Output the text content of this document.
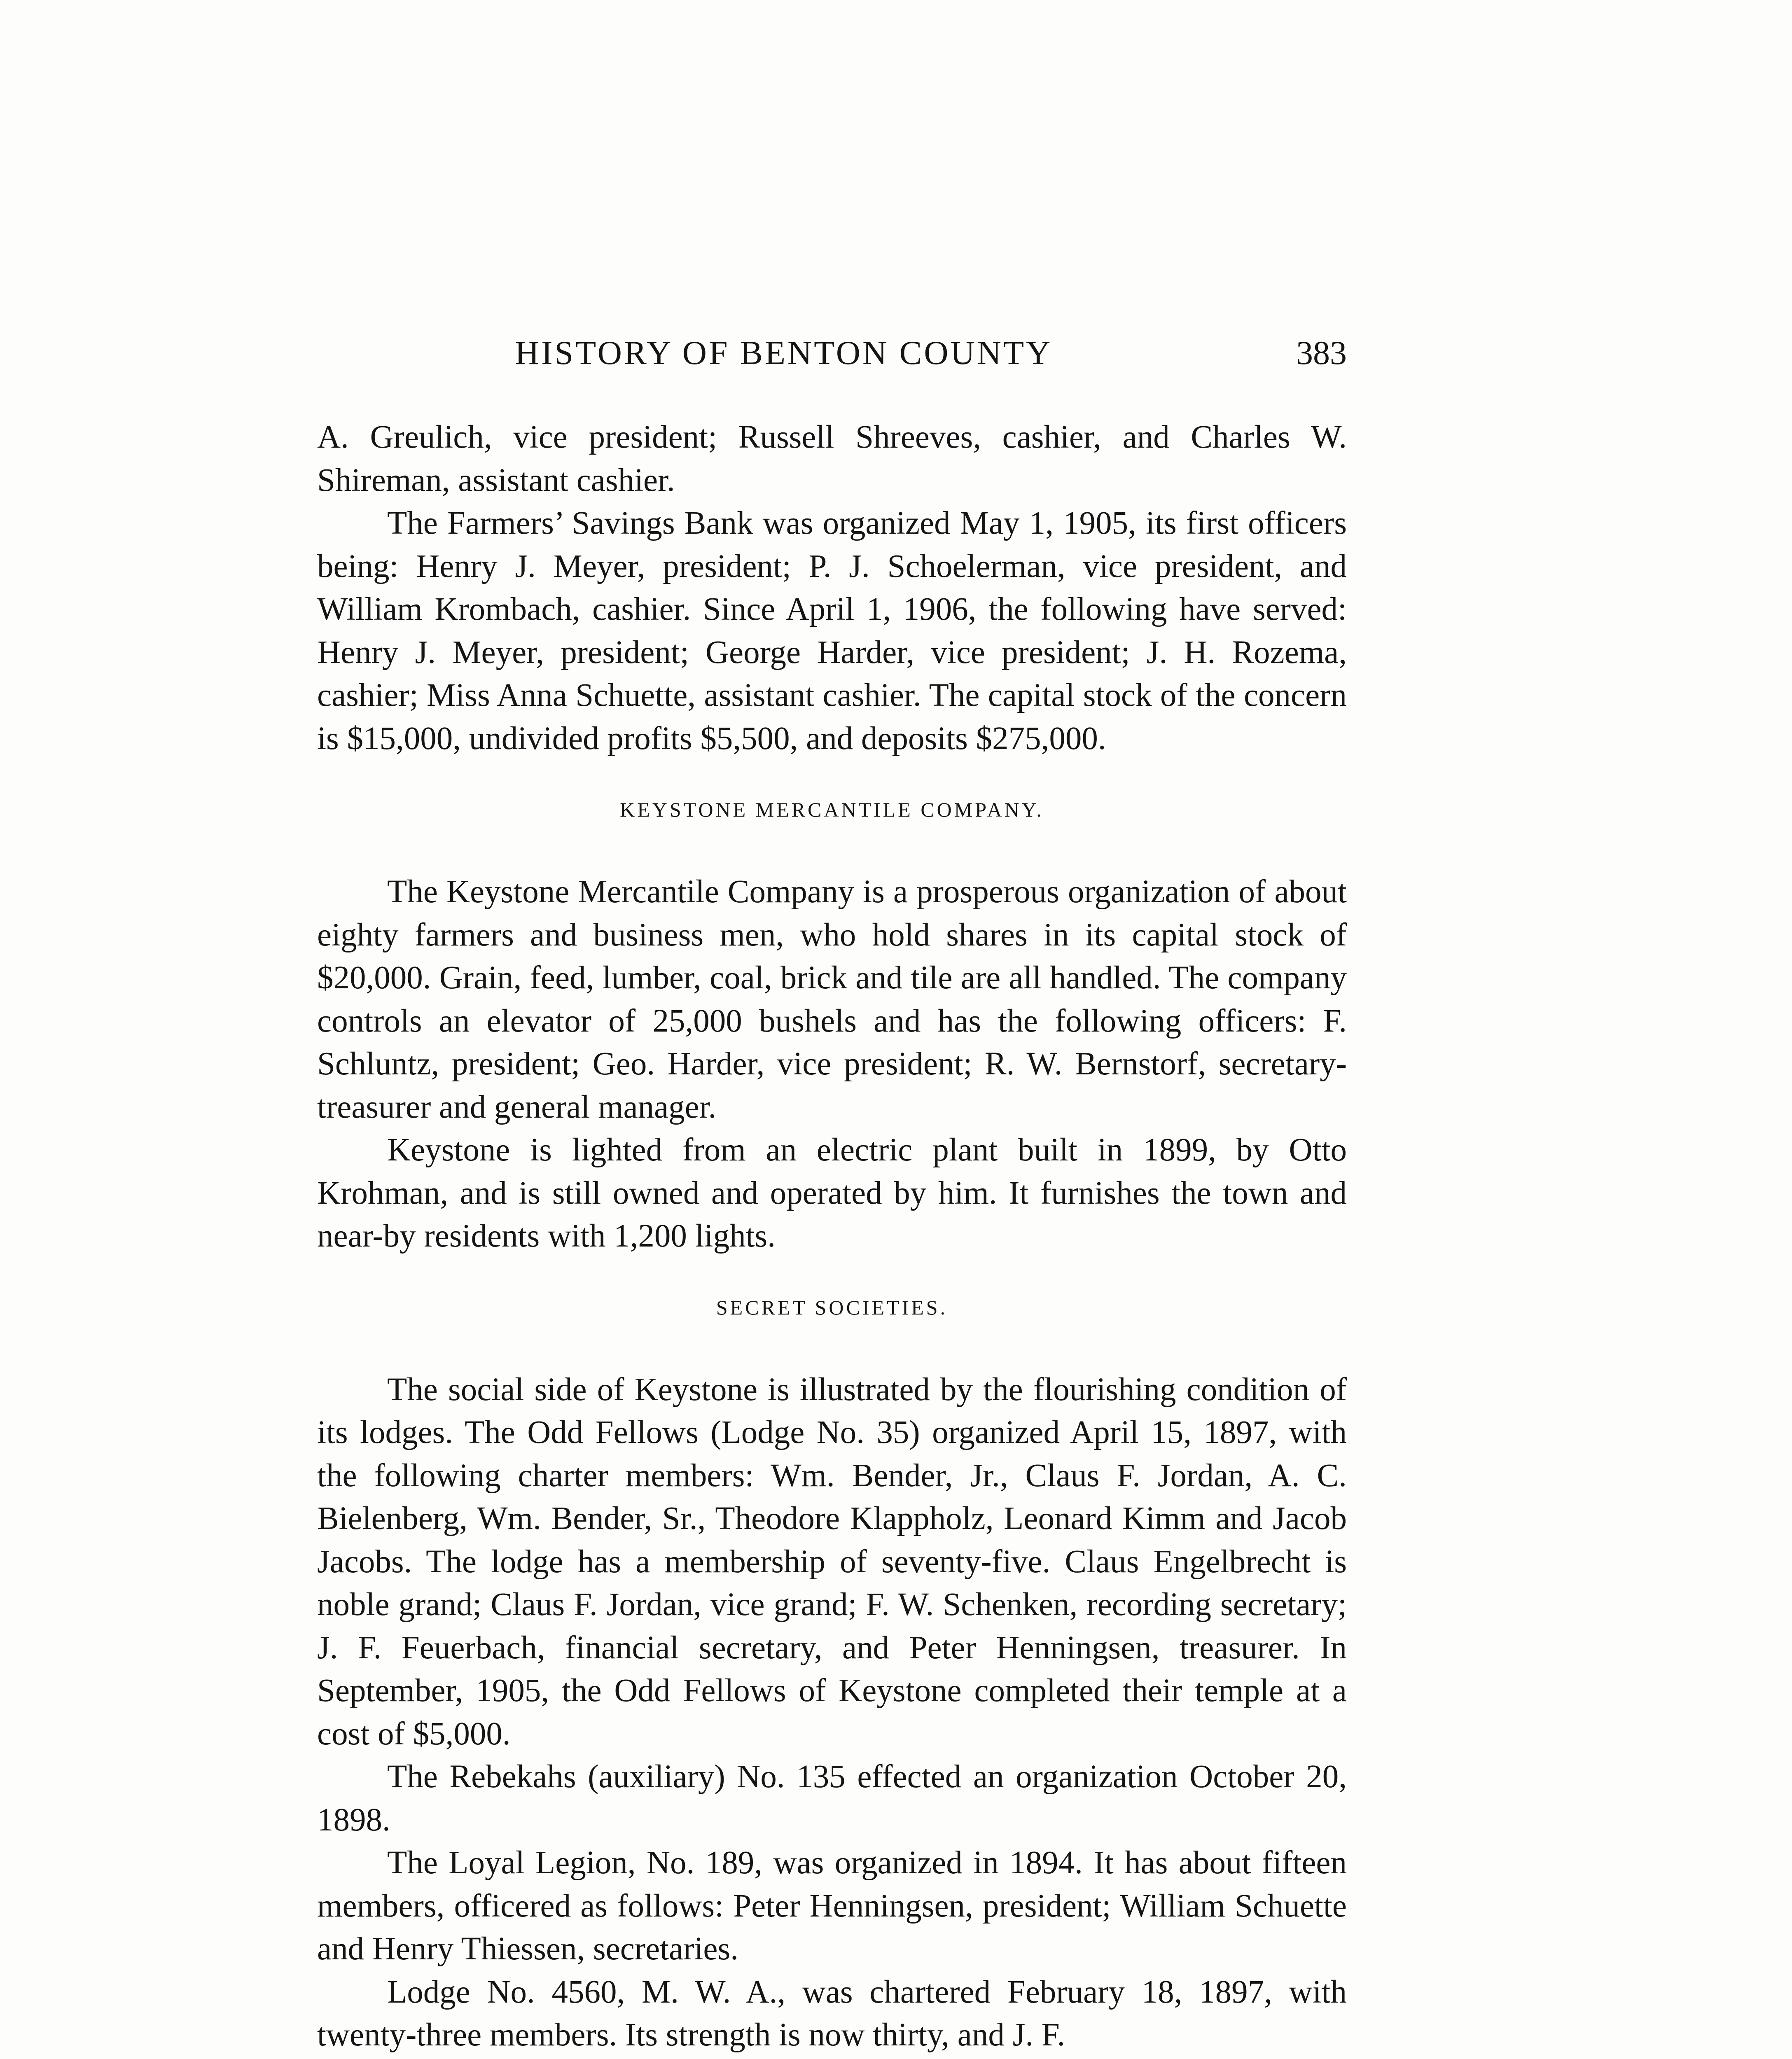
HISTORY OF BENTON COUNTY	383

A. Greulich, vice president; Russell Shreeves, cashier, and Charles W. Shireman, assistant cashier.

The Farmers’ Savings Bank was organized May 1, 1905, its first officers being: Henry J. Meyer, president; P. J. Schoelerman, vice president, and William Krombach, cashier. Since April 1, 1906, the following have served: Henry J. Meyer, president; George Harder, vice president; J. H. Rozema, cashier; Miss Anna Schuette, assistant cashier. The capital stock of the concern is $15,000, undivided profits $5,500, and deposits $275,000.

KEYSTONE MERCANTILE COMPANY.

The Keystone Mercantile Company is a prosperous organization of about eighty farmers and business men, who hold shares in its capital stock of $20,000. Grain, feed, lumber, coal, brick and tile are all handled. The company controls an elevator of 25,000 bushels and has the following officers: F. Schluntz, president; Geo. Harder, vice president; R. W. Bernstorf, secretary-treasurer and general manager.

Keystone is lighted from an electric plant built in 1899, by Otto Krohman, and is still owned and operated by him. It furnishes the town and near-by residents with 1,200 lights.

SECRET SOCIETIES.

The social side of Keystone is illustrated by the flourishing condition of its lodges. The Odd Fellows (Lodge No. 35) organized April 15, 1897, with the following charter members: Wm. Bender, Jr., Claus F. Jordan, A. C. Bielenberg, Wm. Bender, Sr., Theodore Klappholz, Leonard Kimm and Jacob Jacobs. The lodge has a membership of seventy-five. Claus Engelbrecht is noble grand; Claus F. Jordan, vice grand; F. W. Schenken, recording secretary; J. F. Feuerbach, financial secretary, and Peter Henningsen, treasurer. In September, 1905, the Odd Fellows of Keystone completed their temple at a cost of $5,000.

The Rebekahs (auxiliary) No. 135 effected an organization October 20, 1898.

The Loyal Legion, No. 189, was organized in 1894. It has about fifteen members, officered as follows: Peter Henningsen, president; William Schuette and Henry Thiessen, secretaries.

Lodge No. 4560, M. W. A., was chartered February 18, 1897, with twenty-three members. Its strength is now thirty, and J. F.
